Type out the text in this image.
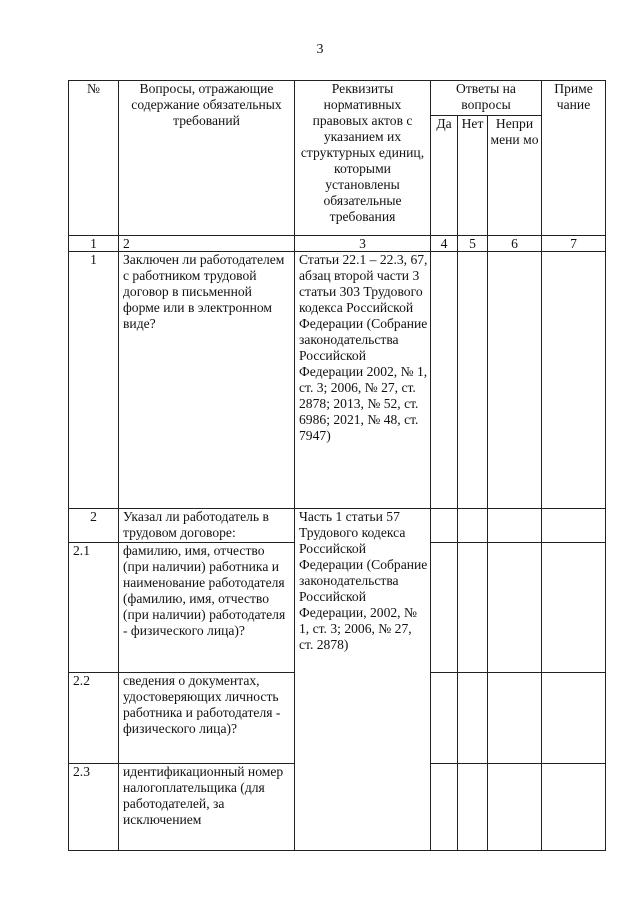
3
№	Вопросы, отражающие содержание обязательных требований	Реквизиты нормативных правовых актов с указанием их структурных единиц, которыми установлены обязательные требования	Ответы на вопросы			Приме чание
			Да	Нет	Непри мени мо	
1	2	3	4	5	6	7
1	Заключен ли работодателем с работником трудовой договор в письменной форме или в электронном виде?	Статьи 22.1 – 22.3, 67, абзац второй части 3 статьи 303 Трудового кодекса Российской Федерации (Собрание законодательства Российской Федерации 2002, № 1, ст. 3; 2006, № 27, ст. 2878; 2013, № 52, ст. 6986; 2021, № 48, ст. 7947)				
2	Указал ли работодатель в трудовом договоре:	Часть 1 статьи 57 Трудового кодекса Российской Федерации (Собрание законодательства Российской Федерации, 2002, № 1, ст. 3; 2006, № 27, ст. 2878)				
2.1	фамилию, имя, отчество (при наличии) работника и наименование работодателя (фамилию, имя, отчество (при наличии) работодателя - физического лица)?					
2.2	сведения о документах, удостоверяющих личность работника и работодателя - физического лица)?					
2.3	идентификационный номер налогоплательщика (для работодателей, за исключением					
